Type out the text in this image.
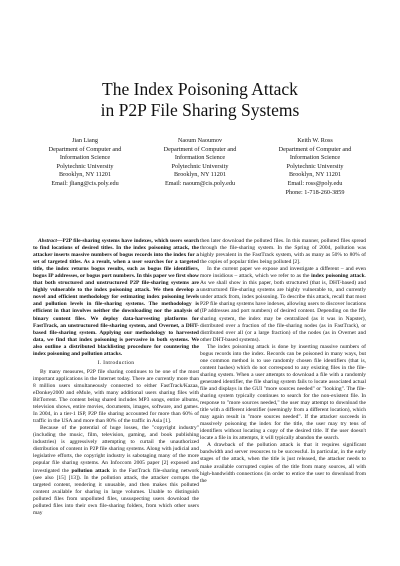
The Index Poisoning Attack
in P2P File Sharing Systems
Jian Liang
Department of Computer and
Information Science
Polytechnic University
Brooklyn, NY 11201
Email: jliang@cis.poly.edu
Naoum Naoumov
Department of Computer and
Information Science
Polytechnic University
Brooklyn, NY 11201
Email: naoum@cis.poly.edu
Keith W. Ross
Department of Computer and
Information Science
Polytechnic University
Brooklyn, NY 11201
Email: ross@poly.edu
Phone: 1-718-260-3859

Abstract—P2P file-sharing systems have indexes, which users search to find locations of desired titles. In the index poisoning attack, the attacker inserts massive numbers of bogus records into the index for a set of targeted titles. As a result, when a user searches for a targeted title, the index returns bogus results, such as bogus file identifiers, bogus IP addresses, or bogus port numbers. In this paper we first show that both structured and unstructured P2P file-sharing systems are highly vulnerable to the index poisoning attack. We then develop a novel and efficient methodology for estimating index poisoning levels and pollution levels in file-sharing systems. The methodology is efficient in that involves neither the downloading nor the analysis of binary content files. We deploy data-harvesting platforms for FastTrack, an unstructured file-sharing system, and Overnet, a DHT-based file-sharing system. Applying our methodology to harvested data, we find that index poisoning is pervasive in both systems. We also outline a distributed blacklisting procedure for countering the index poisoning and pollution attacks.

I. Introduction

By many measures, P2P file sharing continues to be one of the most important applications in the Internet today. There are currently more than 8 million users simultaneously connected to either FastTrack/Kazaa, eDonkey2000 and eMule, with many additional users sharing files with BitTorrent. The content being shared includes MP3 songs, entire albums, television shows, entire movies, documents, images, software, and games. In 2004, in a tier-1 ISP, P2P file sharing accounted for more than 60% of traffic in the USA and more than 80% of the traffic in Asia [1].

Because of the potential of huge losses, the "copyright industry" (including the music, film, television, gaming, and book publishing industries) is aggressively attempting to curtail the unauthorized distribution of content in P2P file sharing systems. Along with judicial and legislative efforts, the copyright industry is sabotaging many of the more popular file sharing systems. An Infoccom 2005 paper [2] exposed and investigated the pollution attack in the FastTrack file-sharing network (see also [15] [13]). In the pollution attack, the attacker corrupts the targeted content, rendering it unusable, and then makes this polluted content available for sharing in large volumes. Unable to distinguish polluted files from unpolluted files, unsuspecting users download the polluted files into their own file-sharing folders, from which other users may

then later download the polluted files. In this manner, polluted files spread through the file-sharing system. In the Spring of 2004, pollution was highly prevalent in the FastTrack system, with as many as 50% to 80% of the copies of popular titles being polluted [2].

In the current paper we expose and investigate a different – and even more insidious – attack, which we refer to as the index poisoning attack. As we shall show in this paper, both structured (that is, DHT-based) and unstructured file-sharing systems are highly vulnerable to, and currently under attack from, index poisoning. To describe this attack, recall that most P2P file sharing systems have indexes, allowing users to discover locations (IP addresses and port numbers) of desired content. Depending on the file sharing system, the index may be centralized (as it was in Napster), distributed over a fraction of the file-sharing nodes (as in FastTrack), or distributed over all (or a large fraction) of the nodes (as in Overnet and other DHT-based systems).

The index poisoning attack is done by inserting massive numbers of bogus records into the index. Records can be poisoned in many ways, but one common method is to use randomly chosen file identifiers (that is, content hashes) which do not correspond to any existing files in the file-sharing system. When a user attempts to download a file with a randomly generated identifier, the file sharing system fails to locate associated actual file and displays in the GUI "more sources needed" or "looking". The file-sharing system typically continues to search for the non-existent file. In response to "more sources needed," the user may attempt to download the title with a different identifier (seemingly from a different location), which may again result in "more sources needed". If the attacker succeeds in massively poisoning the index for the title, the user may try tens of identifiers without locating a copy of the desired title. If the user doesn't locate a file in its attempts, it will typically abandon the search.

A drawback of the pollution attack is that it requires significant bandwidth and server resources to be successful. In particular, in the early stages of the attack, when the title is just released, the attacker needs to make available corrupted copies of the title from many sources, all with high-bandwidth connections (in order to entice the user to download from the
